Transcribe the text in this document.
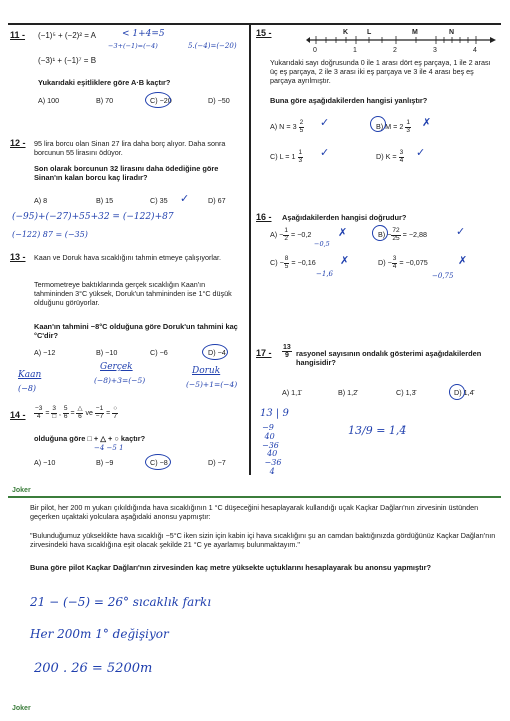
11 - (−1)⁵ + (−2)² = A	< 1+4=5
−3+(−1)=(−4)	5.(−4)=(−20)
(−3)¹ + (−1)⁷ = B
Yukarıdaki eşitliklere göre A·B kaçtır?
A) 100	B) 70	C) −20	D) −50
12 - 95 lira borcu olan Sinan 27 lira daha borç alıyor. Daha sonra borcunun 55 lirasını ödüyor.
Son olarak borcunun 32 lirasını daha ödediğine göre Sinan'ın kalan borcu kaç liradır?
A) 8	B) 15	C) 35	D) 67
✓
(−95)+(−27)+55+32 = (−122)+87
(−122) 87 = (−35)
13 - Kaan ve Doruk hava sıcaklığını tahmin etmeye çalışıyorlar.
Termometreye baktıklarında gerçek sıcaklığın Kaan'ın tahmininden 3°C yüksek, Doruk'un tahmininden ise 1°C düşük olduğunu görüyorlar.
Kaan'ın tahmini −8°C olduğuna göre Doruk'un tahmini kaç °C'dir?
A) −12	B) −10	C) −6	D) −4
Kaan
(−8)
Gerçek
(−8)+3=(−5)
Doruk
(−5)+1=(−4)
$14 - \frac{-3}{4} = \frac{3}{□}$ , $\frac{5}{6} = \frac{\triangle}{6}$ ve $\frac{-1}{-7} = \frac{○}{7}$
olduğuna göre □ + △ + ○ kaçtır?
−4 −5 1
A) −10	B) −9	C) −8	D) −7
15 -
0	1	2	3	4
K	L	M	N
Yukarıdaki sayı doğrusunda 0 ile 1 arası dört eş parçaya, 1 ile 2 arası üç eş parçaya, 2 ile 3 arası iki eş parçaya ve 3 ile 4 arası beş eş parçaya ayrılmıştır.
Buna göre aşağıdakilerden hangisi yanlıştır?
A) $N = 3 \frac{2}{5}$ ✓	B) $M = 2 \frac{1}{3}$ ✗
C) $L = 1 \frac{1}{3}$ ✓	D) $K = \frac{3}{4}$ ✓
16 - Aşağıdakilerden hangisi doğrudur?
$A) - \frac{1}{2} = -0,2$ ✗
−0,5
$B) - \frac{72}{25} = -2,88$	✓
$C) - \frac{8}{5} = -0,16$ ✗
−1,6
$D) - \frac{3}{4} = -0,075$	✗
−0,75
$17 - \frac{13}{9}$ rasyonel sayısının ondalık gösterimi aşağıdakilerden hangisidir?
A) 1,1̄	B) 1,2̄	C) 1,3̄	D) 1,4̄
13 | 9
−9
40
−36
40
−36
4
13/9 = 1,4̄
Joker
Bir pilot, her 200 m yukarı çıkıldığında hava sıcaklığının 1 °C düşeceğini hesaplayarak kullandığı uçak Kaçkar Dağları'nın zirvesinin üstünden geçerken uçaktaki yolculara aşağıdaki anonsu yapmıştır:
"Bulunduğumuz yükseklikte hava sıcaklığı −5°C iken sizin için kabin içi hava sıcaklığını şu an camdan baktığınızda gördüğünüz Kaçkar Dağları'nın zirvesindeki hava sıcaklığına eşit olacak şekilde 21 °C ye ayarlamış bulunmaktayım."
Buna göre pilot Kaçkar Dağları'nın zirvesinden kaç metre yüksekte uçtuklarını hesaplayarak bu anonsu yapmıştır?
21 − (−5) = 26° sıcaklık farkı
Her 200m 1° değişiyor
200 . 26 = 5200m
Joker
